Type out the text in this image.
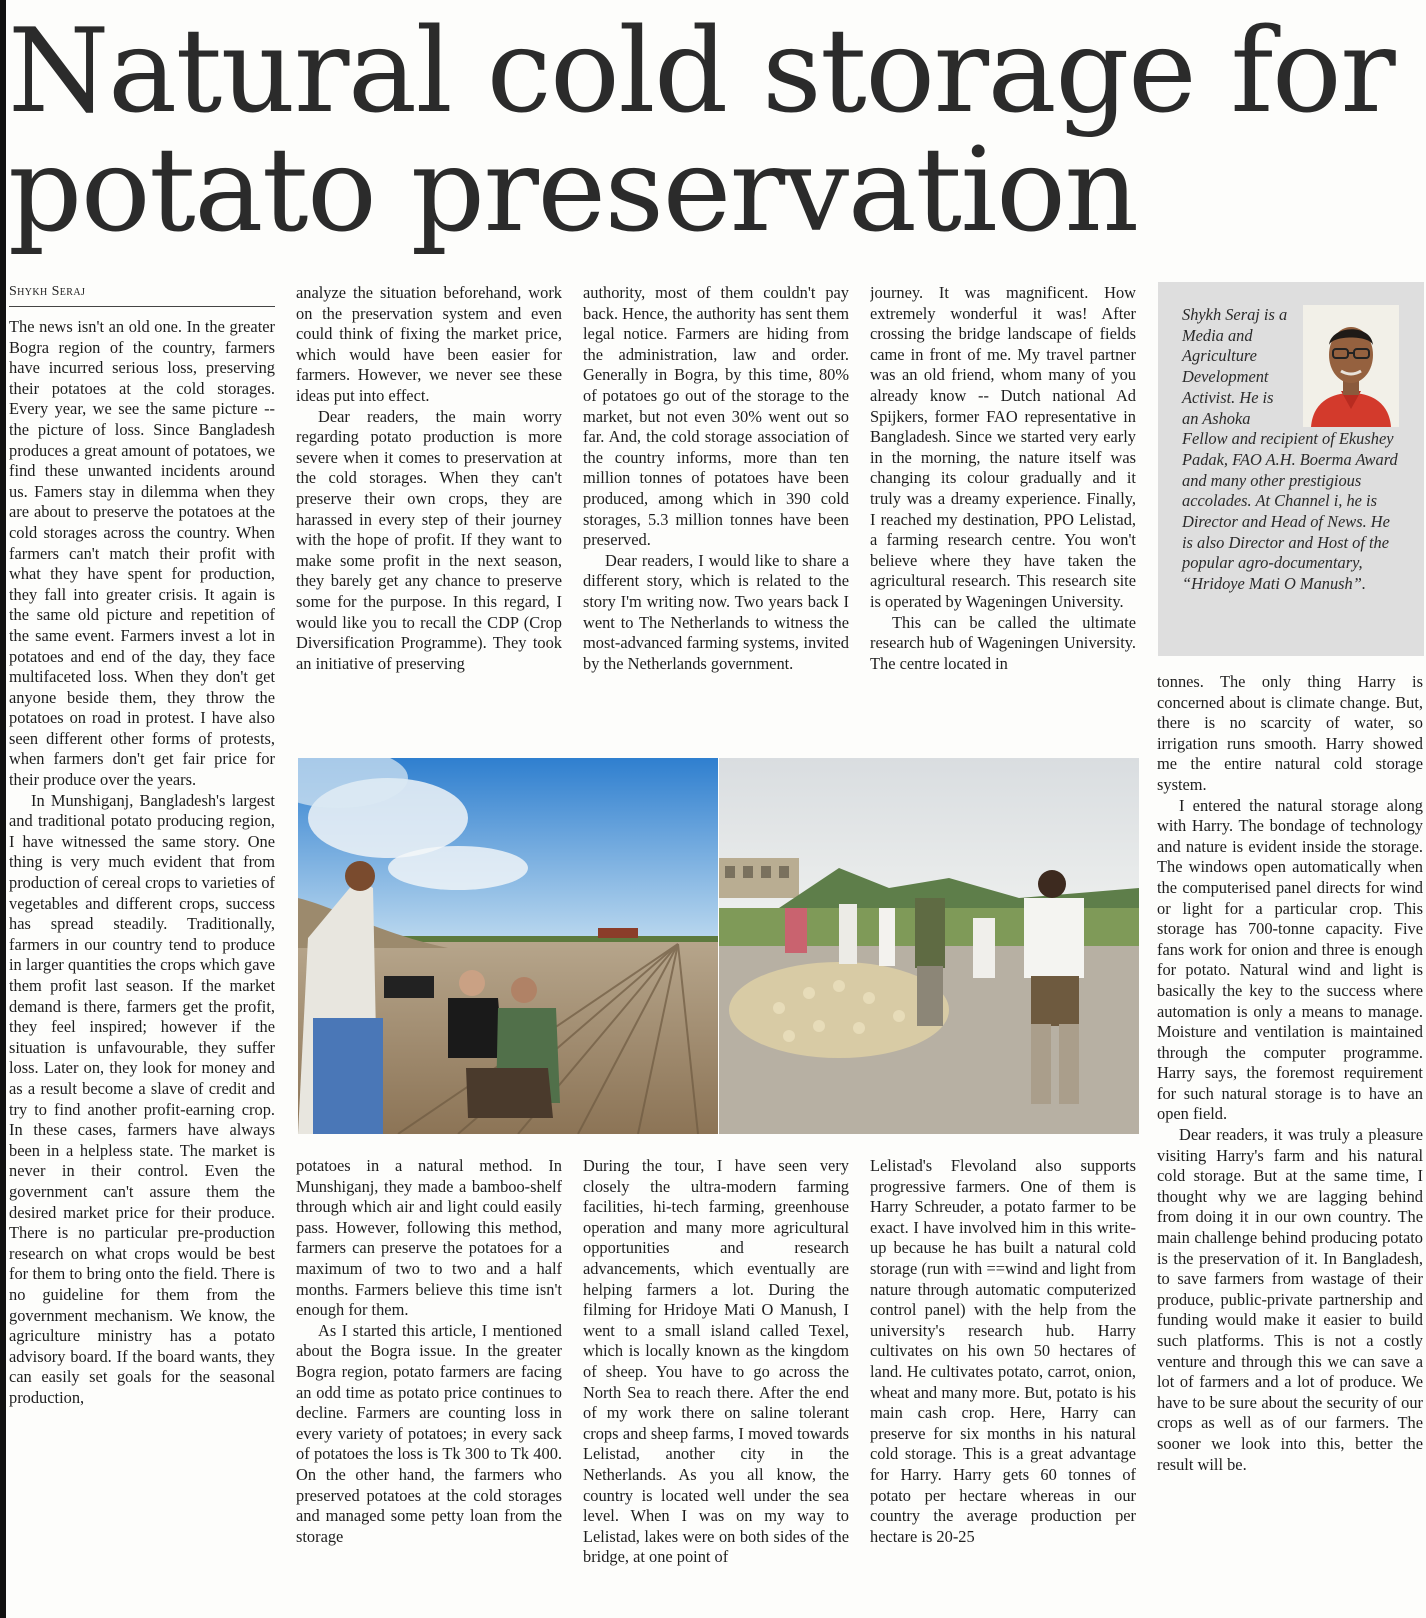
Natural cold storage for potato preservation
Shykh Seraj

The news isn't an old one. In the greater Bogra region of the country, farmers have incurred serious loss, preserving their potatoes at the cold storages. Every year, we see the same picture -- the picture of loss. Since Bangladesh produces a great amount of potatoes, we find these unwanted incidents around us. Famers stay in dilemma when they are about to preserve the potatoes at the cold storages across the country. When farmers can't match their profit with what they have spent for production, they fall into greater crisis. It again is the same old picture and repetition of the same event. Farmers invest a lot in potatoes and end of the day, they face multifaceted loss. When they don't get anyone beside them, they throw the potatoes on road in protest. I have also seen different other forms of protests, when farmers don't get fair price for their produce over the years.

In Munshiganj, Bangladesh's largest and traditional potato producing region, I have witnessed the same story. One thing is very much evident that from production of cereal crops to varieties of vegetables and different crops, success has spread steadily. Traditionally, farmers in our country tend to produce in larger quantities the crops which gave them profit last season. If the market demand is there, farmers get the profit, they feel inspired; however if the situation is unfavourable, they suffer loss. Later on, they look for money and as a result become a slave of credit and try to find another profit-earning crop. In these cases, farmers have always been in a helpless state. The market is never in their control. Even the government can't assure them the desired market price for their produce. There is no particular pre-production research on what crops would be best for them to bring onto the field. There is no guideline for them from the government mechanism. We know, the agriculture ministry has a potato advisory board. If the board wants, they can easily set goals for the seasonal production,

analyze the situation beforehand, work on the preservation system and even could think of fixing the market price, which would have been easier for farmers. However, we never see these ideas put into effect.

Dear readers, the main worry regarding potato production is more severe when it comes to preservation at the cold storages. When they can't preserve their own crops, they are harassed in every step of their journey with the hope of profit. If they want to make some profit in the next season, they barely get any chance to preserve some for the purpose. In this regard, I would like you to recall the CDP (Crop Diversification Programme). They took an initiative of preserving

authority, most of them couldn't pay back. Hence, the authority has sent them legal notice. Farmers are hiding from the administration, law and order. Generally in Bogra, by this time, 80% of potatoes go out of the storage to the market, but not even 30% went out so far. And, the cold storage association of the country informs, more than ten million tonnes of potatoes have been produced, among which in 390 cold storages, 5.3 million tonnes have been preserved.

Dear readers, I would like to share a different story, which is related to the story I'm writing now. Two years back I went to The Netherlands to witness the most-advanced farming systems, invited by the Netherlands government.

journey. It was magnificent. How extremely wonderful it was! After crossing the bridge landscape of fields came in front of me. My travel partner was an old friend, whom many of you already know -- Dutch national Ad Spijkers, former FAO representative in Bangladesh. Since we started very early in the morning, the nature itself was changing its colour gradually and it truly was a dreamy experience. Finally, I reached my destination, PPO Lelistad, a farming research centre. You won't believe where they have taken the agricultural research. This research site is operated by Wageningen University.

This can be called the ultimate research hub of Wageningen University. The centre located in

Shykh Seraj is a Media and Agriculture Development Activist. He is an Ashoka Fellow and recipient of Ekushey Padak, FAO A.H. Boerma Award and many other prestigious accolades. At Channel i, he is Director and Head of News. He is also Director and Host of the popular agro-documentary, “Hridoye Mati O Manush”.

potatoes in a natural method. In Munshiganj, they made a bamboo-shelf through which air and light could easily pass. However, following this method, farmers can preserve the potatoes for a maximum of two to two and a half months. Farmers believe this time isn't enough for them.

As I started this article, I mentioned about the Bogra issue. In the greater Bogra region, potato farmers are facing an odd time as potato price continues to decline. Farmers are counting loss in every variety of potatoes; in every sack of potatoes the loss is Tk 300 to Tk 400. On the other hand, the farmers who preserved potatoes at the cold storages and managed some petty loan from the storage

During the tour, I have seen very closely the ultra-modern farming facilities, hi-tech farming, greenhouse operation and many more agricultural opportunities and research advancements, which eventually are helping farmers a lot. During the filming for Hridoye Mati O Manush, I went to a small island called Texel, which is locally known as the kingdom of sheep. You have to go across the North Sea to reach there. After the end of my work there on saline tolerant crops and sheep farms, I moved towards Lelistad, another city in the Netherlands. As you all know, the country is located well under the sea level. When I was on my way to Lelistad, lakes were on both sides of the bridge, at one point of

Lelistad's Flevoland also supports progressive farmers. One of them is Harry Schreuder, a potato farmer to be exact. I have involved him in this write-up because he has built a natural cold storage (run with ==wind and light from nature through automatic computerized control panel) with the help from the university's research hub. Harry cultivates on his own 50 hectares of land. He cultivates potato, carrot, onion, wheat and many more. But, potato is his main cash crop. Here, Harry can preserve for six months in his natural cold storage. This is a great advantage for Harry. Harry gets 60 tonnes of potato per hectare whereas in our country the average production per hectare is 20-25

tonnes. The only thing Harry is concerned about is climate change. But, there is no scarcity of water, so irrigation runs smooth. Harry showed me the entire natural cold storage system.

I entered the natural storage along with Harry. The bondage of technology and nature is evident inside the storage. The windows open automatically when the computerised panel directs for wind or light for a particular crop. This storage has 700-tonne capacity. Five fans work for onion and three is enough for potato. Natural wind and light is basically the key to the success where automation is only a means to manage. Moisture and ventilation is maintained through the computer programme. Harry says, the foremost requirement for such natural storage is to have an open field.

Dear readers, it was truly a pleasure visiting Harry's farm and his natural cold storage. But at the same time, I thought why we are lagging behind from doing it in our own country. The main challenge behind producing potato is the preservation of it. In Bangladesh, to save farmers from wastage of their produce, public-private partnership and funding would make it easier to build such platforms. This is not a costly venture and through this we can save a lot of farmers and a lot of produce. We have to be sure about the security of our crops as well as of our farmers. The sooner we look into this, better the result will be.
